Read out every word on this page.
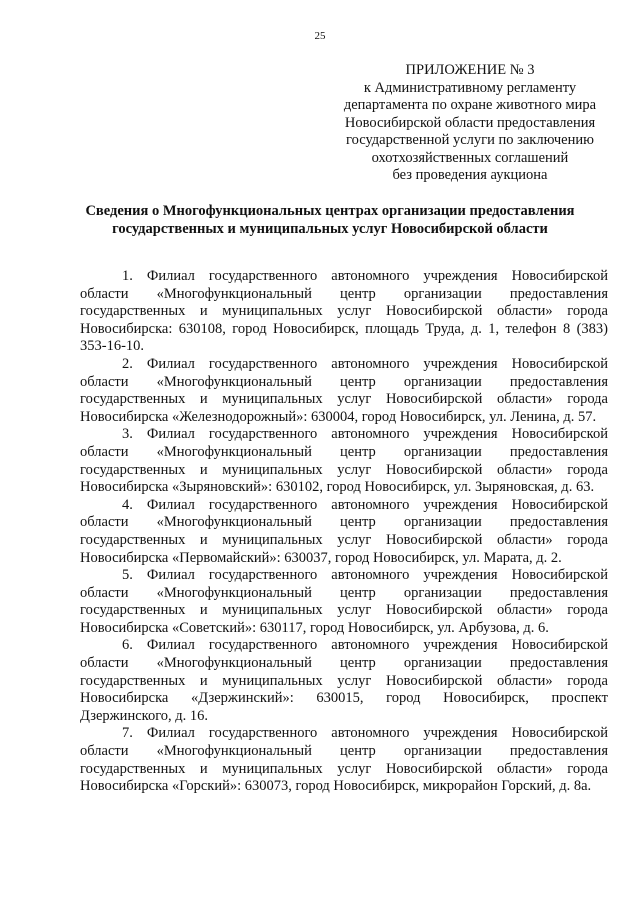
25
ПРИЛОЖЕНИЕ № 3
к Административному регламенту
департамента по охране животного мира
Новосибирской области предоставления
государственной услуги по заключению
охотхозяйственных соглашений
без проведения аукциона
Сведения о Многофункциональных центрах организации предоставления
государственных и муниципальных услуг Новосибирской области

1. Филиал государственного автономного учреждения Новосибирской области «Многофункциональный центр организации предоставления государственных и муниципальных услуг Новосибирской области» города Новосибирска: 630108, город Новосибирск, площадь Труда, д. 1, телефон 8 (383) 353-16-10.

2. Филиал государственного автономного учреждения Новосибирской области «Многофункциональный центр организации предоставления государственных и муниципальных услуг Новосибирской области» города Новосибирска «Железнодорожный»: 630004, город Новосибирск, ул. Ленина, д. 57.

3. Филиал государственного автономного учреждения Новосибирской области «Многофункциональный центр организации предоставления государственных и муниципальных услуг Новосибирской области» города Новосибирска «Зыряновский»: 630102, город Новосибирск, ул. Зыряновская, д. 63.

4. Филиал государственного автономного учреждения Новосибирской области «Многофункциональный центр организации предоставления государственных и муниципальных услуг Новосибирской области» города Новосибирска «Первомайский»: 630037, город Новосибирск, ул. Марата, д. 2.

5. Филиал государственного автономного учреждения Новосибирской области «Многофункциональный центр организации предоставления государственных и муниципальных услуг Новосибирской области» города Новосибирска «Советский»: 630117, город Новосибирск, ул. Арбузова, д. 6.

6. Филиал государственного автономного учреждения Новосибирской области «Многофункциональный центр организации предоставления государственных и муниципальных услуг Новосибирской области» города Новосибирска «Дзержинский»: 630015, город Новосибирск, проспект Дзержинского, д. 16.

7. Филиал государственного автономного учреждения Новосибирской области «Многофункциональный центр организации предоставления государственных и муниципальных услуг Новосибирской области» города Новосибирска «Горский»: 630073, город Новосибирск, микрорайон Горский, д. 8а.
